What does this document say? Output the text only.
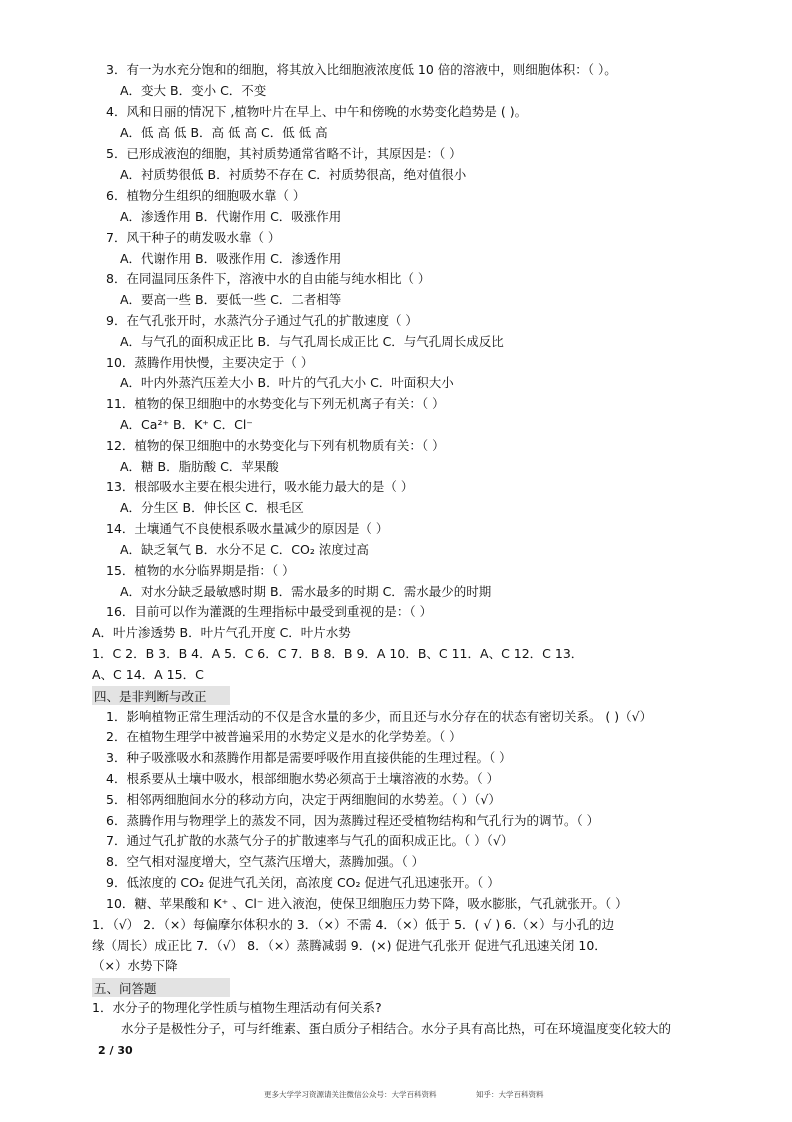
3．有一为水充分饱和的细胞，将其放入比细胞液浓度低 10 倍的溶液中，则细胞体积：（ ）。
A．变大 B．变小 C．不变
4．风和日丽的情况下 ,植物叶片在早上、中午和傍晚的水势变化趋势是 ( )。
A．低 高 低 B．高 低 高 C．低 低 高
5．已形成液泡的细胞，其衬质势通常省略不计，其原因是：（ ）
A．衬质势很低 B．衬质势不存在 C．衬质势很高，绝对值很小
6．植物分生组织的细胞吸水靠（ ）
A．渗透作用 B．代谢作用 C．吸涨作用
7．风干种子的萌发吸水靠（ ）
A．代谢作用 B．吸涨作用 C．渗透作用
8．在同温同压条件下，溶液中水的自由能与纯水相比（ ）
A．要高一些 B．要低一些 C．二者相等
9．在气孔张开时，水蒸汽分子通过气孔的扩散速度（ ）
A．与气孔的面积成正比 B．与气孔周长成正比 C．与气孔周长成反比
10．蒸腾作用快慢，主要决定于（ ）
A．叶内外蒸汽压差大小 B．叶片的气孔大小 C．叶面积大小
11．植物的保卫细胞中的水势变化与下列无机离子有关：（ ）
A．Ca²⁺ B．K⁺ C．Cl⁻
12．植物的保卫细胞中的水势变化与下列有机物质有关：（ ）
A．糖 B．脂肪酸 C．苹果酸
13．根部吸水主要在根尖进行，吸水能力最大的是（ ）
A．分生区 B．伸长区 C．根毛区
14．土壤通气不良使根系吸水量减少的原因是（ ）
A．缺乏氧气 B．水分不足 C．CO₂ 浓度过高
15．植物的水分临界期是指：（ ）
A．对水分缺乏最敏感时期 B．需水最多的时期 C．需水最少的时期
16．目前可以作为灌溉的生理指标中最受到重视的是：（ ）
A．叶片渗透势 B．叶片气孔开度 C．叶片水势
1．C 2．B 3．B 4．A 5．C 6．C 7．B 8．B 9．A 10．B、C 11．A、C 12．C 13．
A、C 14．A 15．C
1．影响植物正常生理活动的不仅是含水量的多少，而且还与水分存在的状态有密切关系。 ( )（√）
2．在植物生理学中被普遍采用的水势定义是水的化学势差。（ ）
3．种子吸涨吸水和蒸腾作用都是需要呼吸作用直接供能的生理过程。（ ）
4．根系要从土壤中吸水，根部细胞水势必须高于土壤溶液的水势。（ ）
5．相邻两细胞间水分的移动方向，决定于两细胞间的水势差。（ ）（√）
6．蒸腾作用与物理学上的蒸发不同，因为蒸腾过程还受植物结构和气孔行为的调节。（ ）
7．通过气孔扩散的水蒸气分子的扩散速率与气孔的面积成正比。（ ）（√）
8．空气相对湿度增大，空气蒸汽压增大，蒸腾加强。（ ）
9．低浓度的 CO₂ 促进气孔关闭，高浓度 CO₂ 促进气孔迅速张开。（ ）
10．糖、苹果酸和 K⁺ 、Cl⁻ 进入液泡，使保卫细胞压力势下降，吸水膨胀，气孔就张开。（ ）
1．（√） 2．（×）每偏摩尔体积水的 3．（×）不需 4．（×）低于 5．( √ ) 6.（×）与小孔的边
缘（周长）成正比 7．（√） 8．（×）蒸腾减弱 9．(×) 促进气孔张开 促进气孔迅速关闭 10．
（×）水势下降
1．水分子的物理化学性质与植物生理活动有何关系?
水分子是极性分子，可与纤维素、蛋白质分子相结合。水分子具有高比热，可在环境温度变化较大的
四、是非判断与改正
五、问答题
2 / 30
更多大学学习资源请关注微信公众号：大学百科资料	知乎：大学百科资料
